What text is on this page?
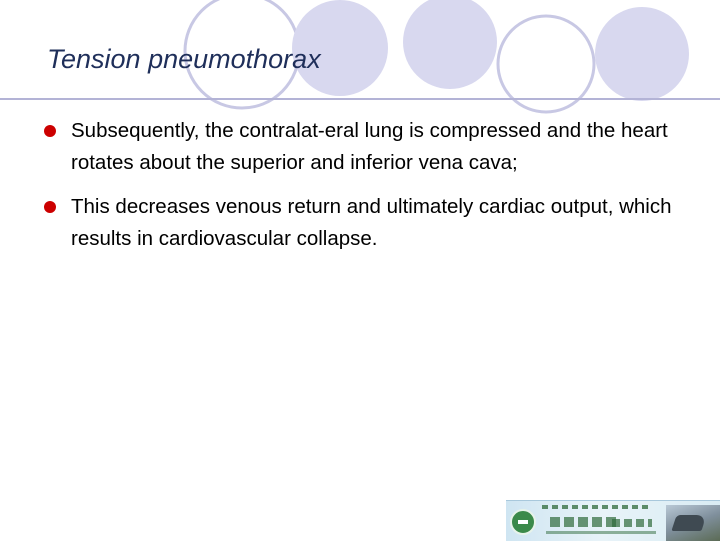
Tension pneumothorax
Subsequently, the contralat-eral lung is compressed and the heart rotates about the superior and inferior vena cava;
This decreases venous return and ultimately cardiac output, which results in cardiovascular collapse.
